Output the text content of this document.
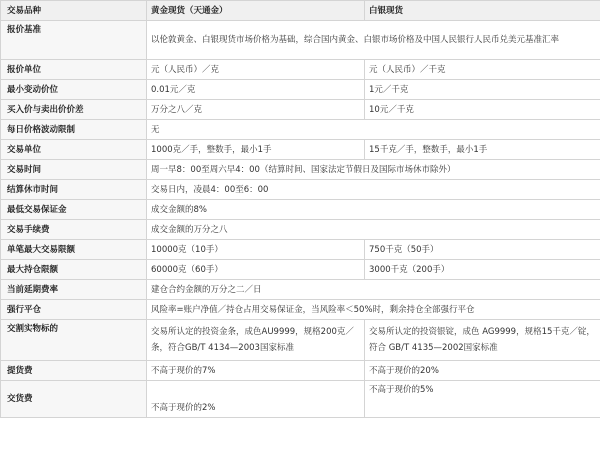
交易品种	黄金现货（天通金）	白银现货
报价基准	以伦敦黄金、白银现货市场价格为基础，综合国内黄金、白银市场价格及中国人民银行人民币兑美元基准汇率	
报价单位	元（人民币）／克	元（人民币）／千克
最小变动价位	0.01元／克	1元／千克
买入价与卖出价价差	万分之八／克	10元／千克
每日价格波动限制	无	
交易单位	1000克／手，整数手，最小1手	15千克／手，整数手，最小1手
交易时间	周一早8：00至周六早4：00（结算时间、国家法定节假日及国际市场休市除外）	
结算休市时间	交易日内，凌晨4：00至6：00	
最低交易保证金	成交金额的8%	
交易手续费	成交金额的万分之八	
单笔最大交易限额	10000克（10手）	750千克（50手）
最大持仓限额	60000克（60手）	3000千克（200手）
当前延期费率	建仓合约金额的万分之二／日	
强行平仓	风险率=账户净值／持仓占用交易保证金，当风险率＜50%时，剩余持仓全部强行平仓	
交割实物标的	交易所认定的投资金条，成色AU9999，规格200克／条，符合GB/T 4134—2003国家标准	交易所认定的投资银锭，成色 AG9999，规格15千克／锭，符合 GB/T 4135—2002国家标准
提货费	不高于现价的7%	不高于现价的20%
交货费	不高于现价的2%	不高于现价的5%
